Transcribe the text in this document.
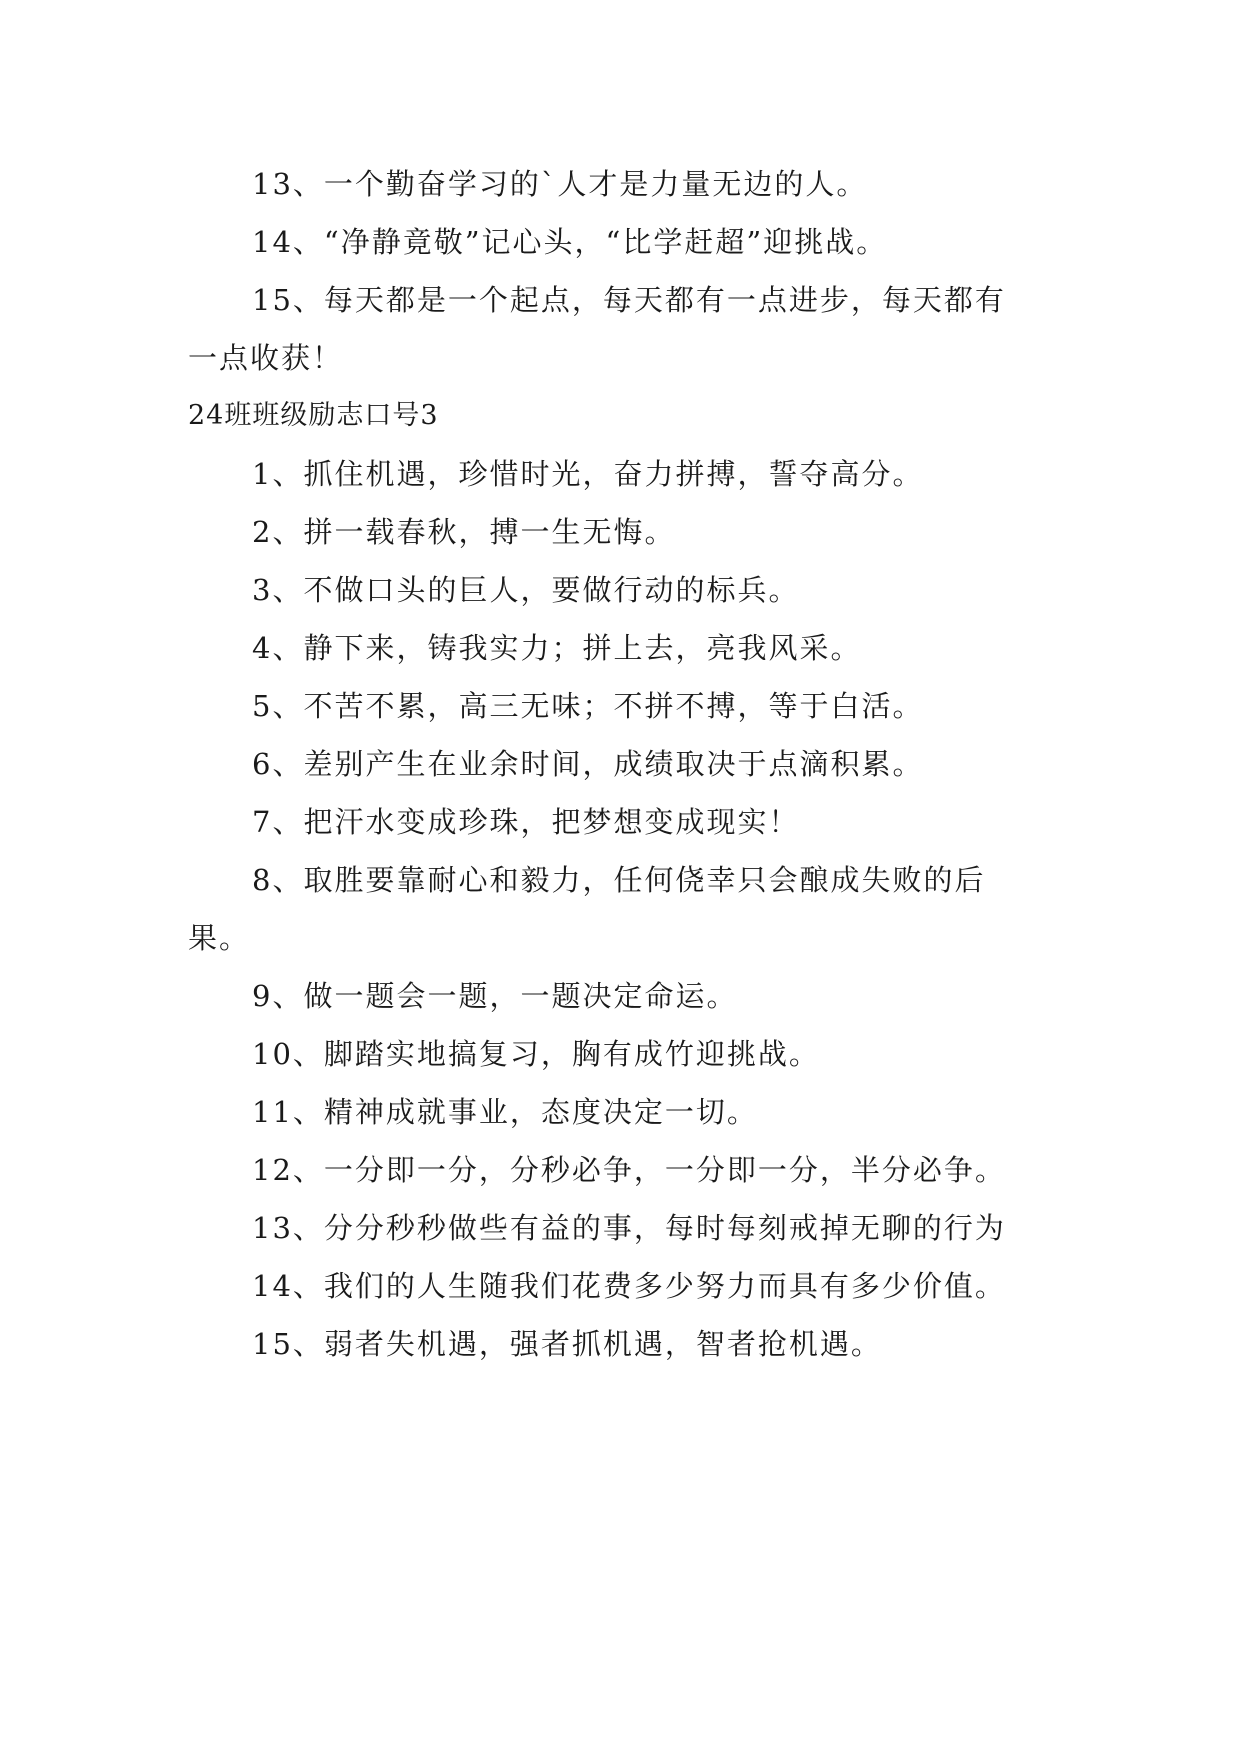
13、一个勤奋学习的`人才是力量无边的人。

14、“净静竟敬”记心头，“比学赶超”迎挑战。

15、每天都是一个起点，每天都有一点进步，每天都有

一点收获！

24班班级励志口号3

1、抓住机遇，珍惜时光，奋力拼搏，誓夺高分。

2、拼一载春秋，搏一生无悔。

3、不做口头的巨人，要做行动的标兵。

4、静下来，铸我实力；拼上去，亮我风采。

5、不苦不累，高三无味；不拼不搏，等于白活。

6、差别产生在业余时间，成绩取决于点滴积累。

7、把汗水变成珍珠，把梦想变成现实！

8、取胜要靠耐心和毅力，任何侥幸只会酿成失败的后

果。

9、做一题会一题，一题决定命运。

10、脚踏实地搞复习，胸有成竹迎挑战。

11、精神成就事业，态度决定一切。

12、一分即一分，分秒必争，一分即一分，半分必争。

13、分分秒秒做些有益的事，每时每刻戒掉无聊的行为

14、我们的人生随我们花费多少努力而具有多少价值。

15、弱者失机遇，强者抓机遇，智者抢机遇。
